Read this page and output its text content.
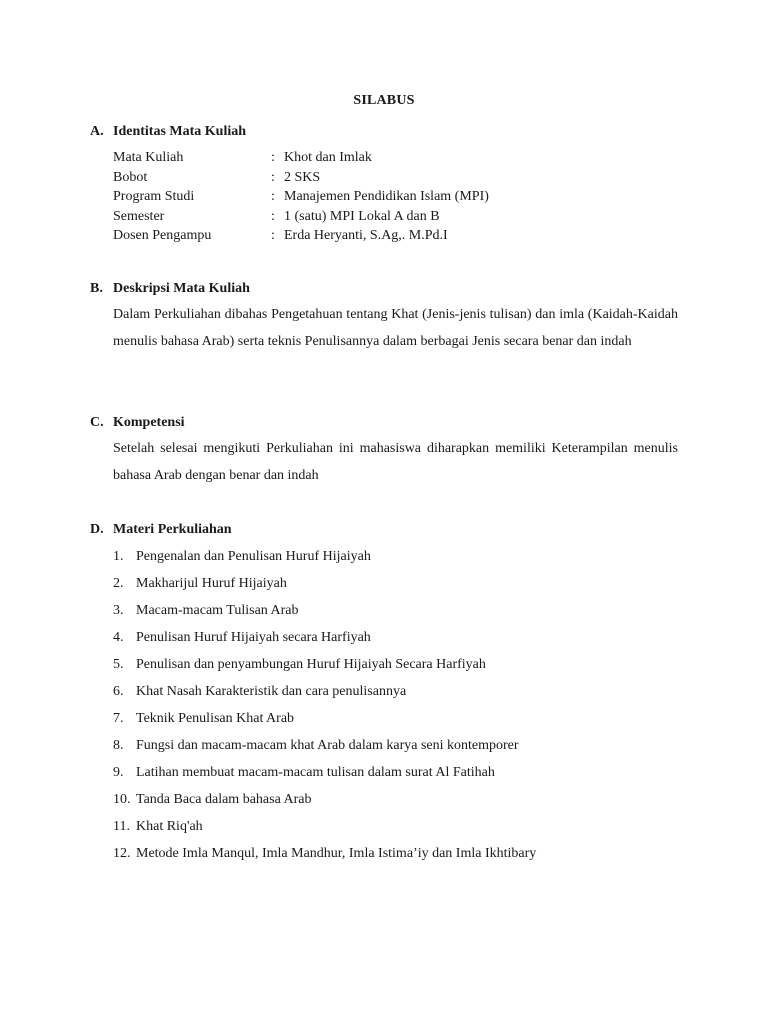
SILABUS
A. Identitas Mata Kuliah
Mata Kuliah	: Khot dan Imlak
Bobot	: 2 SKS
Program Studi	: Manajemen Pendidikan Islam (MPI)
Semester	: 1 (satu) MPI Lokal A dan B
Dosen Pengampu	: Erda Heryanti, S.Ag,. M.Pd.I
B. Deskripsi Mata Kuliah
Dalam Perkuliahan dibahas Pengetahuan tentang Khat (Jenis-jenis tulisan) dan imla (Kaidah-Kaidah menulis bahasa Arab) serta teknis Penulisannya dalam berbagai Jenis secara benar dan indah
C. Kompetensi
Setelah selesai mengikuti Perkuliahan ini mahasiswa diharapkan memiliki Keterampilan menulis bahasa Arab dengan benar dan indah
D. Materi Perkuliahan
1. Pengenalan dan Penulisan Huruf Hijaiyah
2. Makharijul Huruf Hijaiyah
3. Macam-macam Tulisan Arab
4. Penulisan Huruf Hijaiyah secara Harfiyah
5. Penulisan dan penyambungan Huruf Hijaiyah Secara Harfiyah
6. Khat Nasah Karakteristik dan cara penulisannya
7. Teknik Penulisan Khat Arab
8. Fungsi dan macam-macam khat Arab dalam karya seni kontemporer
9. Latihan membuat macam-macam tulisan dalam surat Al Fatihah
10. Tanda Baca dalam bahasa Arab
11. Khat Riq'ah
12. Metode Imla Manqul, Imla Mandhur, Imla Istima’iy dan Imla Ikhtibary
